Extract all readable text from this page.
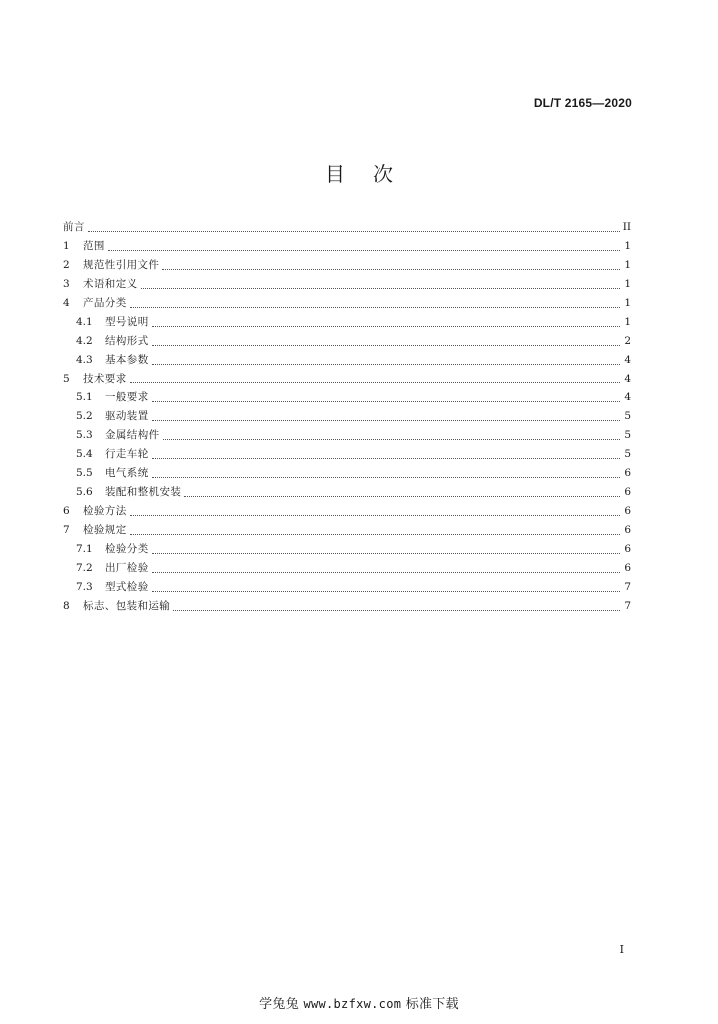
DL/T 2165—2020
目 次
前言	II
1	范围	1
2	规范性引用文件	1
3	术语和定义	1
4	产品分类	1
4.1	型号说明	1
4.2	结构形式	2
4.3	基本参数	4
5	技术要求	4
5.1	一般要求	4
5.2	驱动装置	5
5.3	金属结构件	5
5.4	行走车轮	5
5.5	电气系统	6
5.6	装配和整机安装	6
6	检验方法	6
7	检验规定	6
7.1	检验分类	6
7.2	出厂检验	6
7.3	型式检验	7
8	标志、包装和运输	7
I
学兔兔 www.bzfxw.com 标准下载
